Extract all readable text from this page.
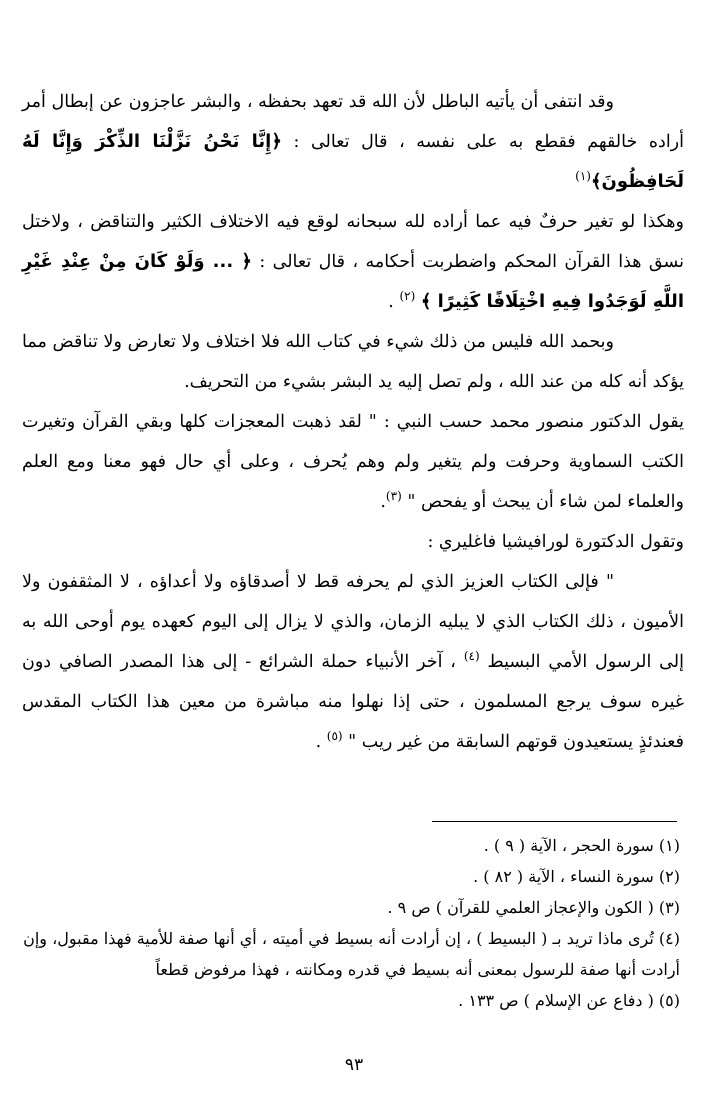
وقد انتفى أن يأتيه الباطل لأن الله قد تعهد بحفظه ، والبشر عاجزون عن إبطال أمر أراده خالقهم فقطع به على نفسه ، قال تعالى : ﴿إِنَّا نَحْنُ نَزَّلْنَا الذِّكْرَ وَإِنَّا لَهُ لَحَافِظُونَ﴾$^{(١)}$

وهكذا لو تغير حرفٌ فيه عما أراده لله سبحانه لوقع فيه الاختلاف الكثير والتناقض ، ولاختل نسق هذا القرآن المحكم واضطربت أحكامه ، قال تعالى : ﴿ ... وَلَوْ كَانَ مِنْ عِنْدِ غَيْرِ اللَّهِ لَوَجَدُوا فِيهِ اخْتِلَافًا كَثِيرًا ﴾ $^{(٢)}$ .

وبحمد الله فليس من ذلك شيء في كتاب الله فلا اختلاف ولا تعارض ولا تناقض مما يؤكد أنه كله من عند الله ، ولم تصل إليه يد البشر بشيء من التحريف.

يقول الدكتور منصور محمد حسب النبي : " لقد ذهبت المعجزات كلها وبقي القرآن وتغيرت الكتب السماوية وحرفت ولم يتغير ولم وهم يُحرف ، وعلى أي حال فهو معنا ومع العلم والعلماء لمن شاء أن يبحث أو يفحص " $^{(٣)}$.

وتقول الدكتورة لورافيشيا فاغليري :

" فإلى الكتاب العزيز الذي لم يحرفه قط لا أصدقاؤه ولا أعداؤه ، لا المثقفون ولا الأميون ، ذلك الكتاب الذي لا يبليه الزمان، والذي لا يزال إلى اليوم كعهده يوم أوحى الله به إلى الرسول الأمي البسيط $^{(٤)}$ ، آخر الأنبياء حملة الشرائع - إلى هذا المصدر الصافي دون غيره سوف يرجع المسلمون ، حتى إذا نهلوا منه مباشرة من معين هذا الكتاب المقدس فعندئذٍ يستعيدون قوتهم السابقة من غير ريب " $^{(٥)}$ .

(١) سورة الحجر ، الآية ( ٩ ) .

(٢) سورة النساء ، الآية ( ٨٢ ) .

(٣) ( الكون والإعجاز العلمي للقرآن ) ص ٩ .

(٤) تُرى ماذا تريد بـ ( البسيط ) ، إن أرادت أنه بسيط في أميته ، أي أنها صفة للأمية فهذا مقبول، وإن أرادت أنها صفة للرسول بمعنى أنه بسيط في قدره ومكانته ، فهذا مرفوض قطعاً

(٥) ( دفاع عن الإسلام ) ص ١٣٣ .

٩٣
